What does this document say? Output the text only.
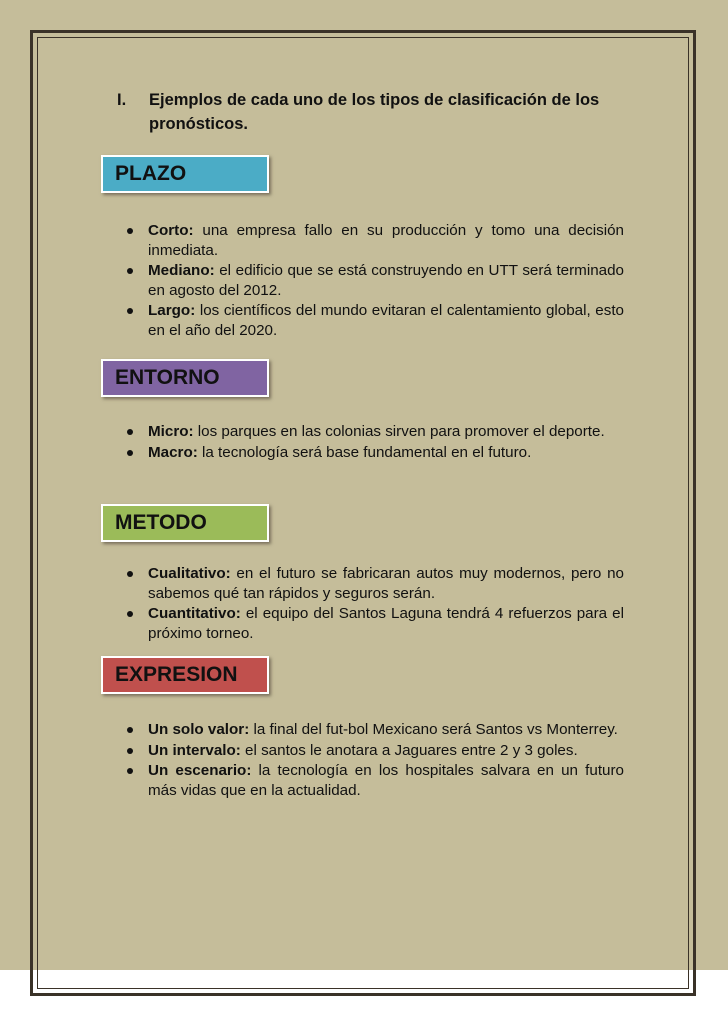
I. Ejemplos de cada uno de los tipos de clasificación de los pronósticos.
PLAZO
Corto: una empresa fallo en su producción y tomo una decisión inmediata.
Mediano: el edificio que se está construyendo en UTT será terminado en agosto del 2012.
Largo: los científicos del mundo evitaran el calentamiento global, esto en el año del 2020.
ENTORNO
Micro: los parques en las colonias sirven para promover el deporte.
Macro: la tecnología será base fundamental en el futuro.
METODO
Cualitativo: en el futuro se fabricaran autos muy modernos, pero no sabemos qué tan rápidos y seguros serán.
Cuantitativo: el equipo del Santos Laguna tendrá 4 refuerzos para el próximo torneo.
EXPRESION
Un solo valor: la final del fut-bol Mexicano será Santos vs Monterrey.
Un intervalo: el santos le anotara a Jaguares entre 2 y 3 goles.
Un escenario: la tecnología en los hospitales salvara en un futuro más vidas que en la actualidad.
